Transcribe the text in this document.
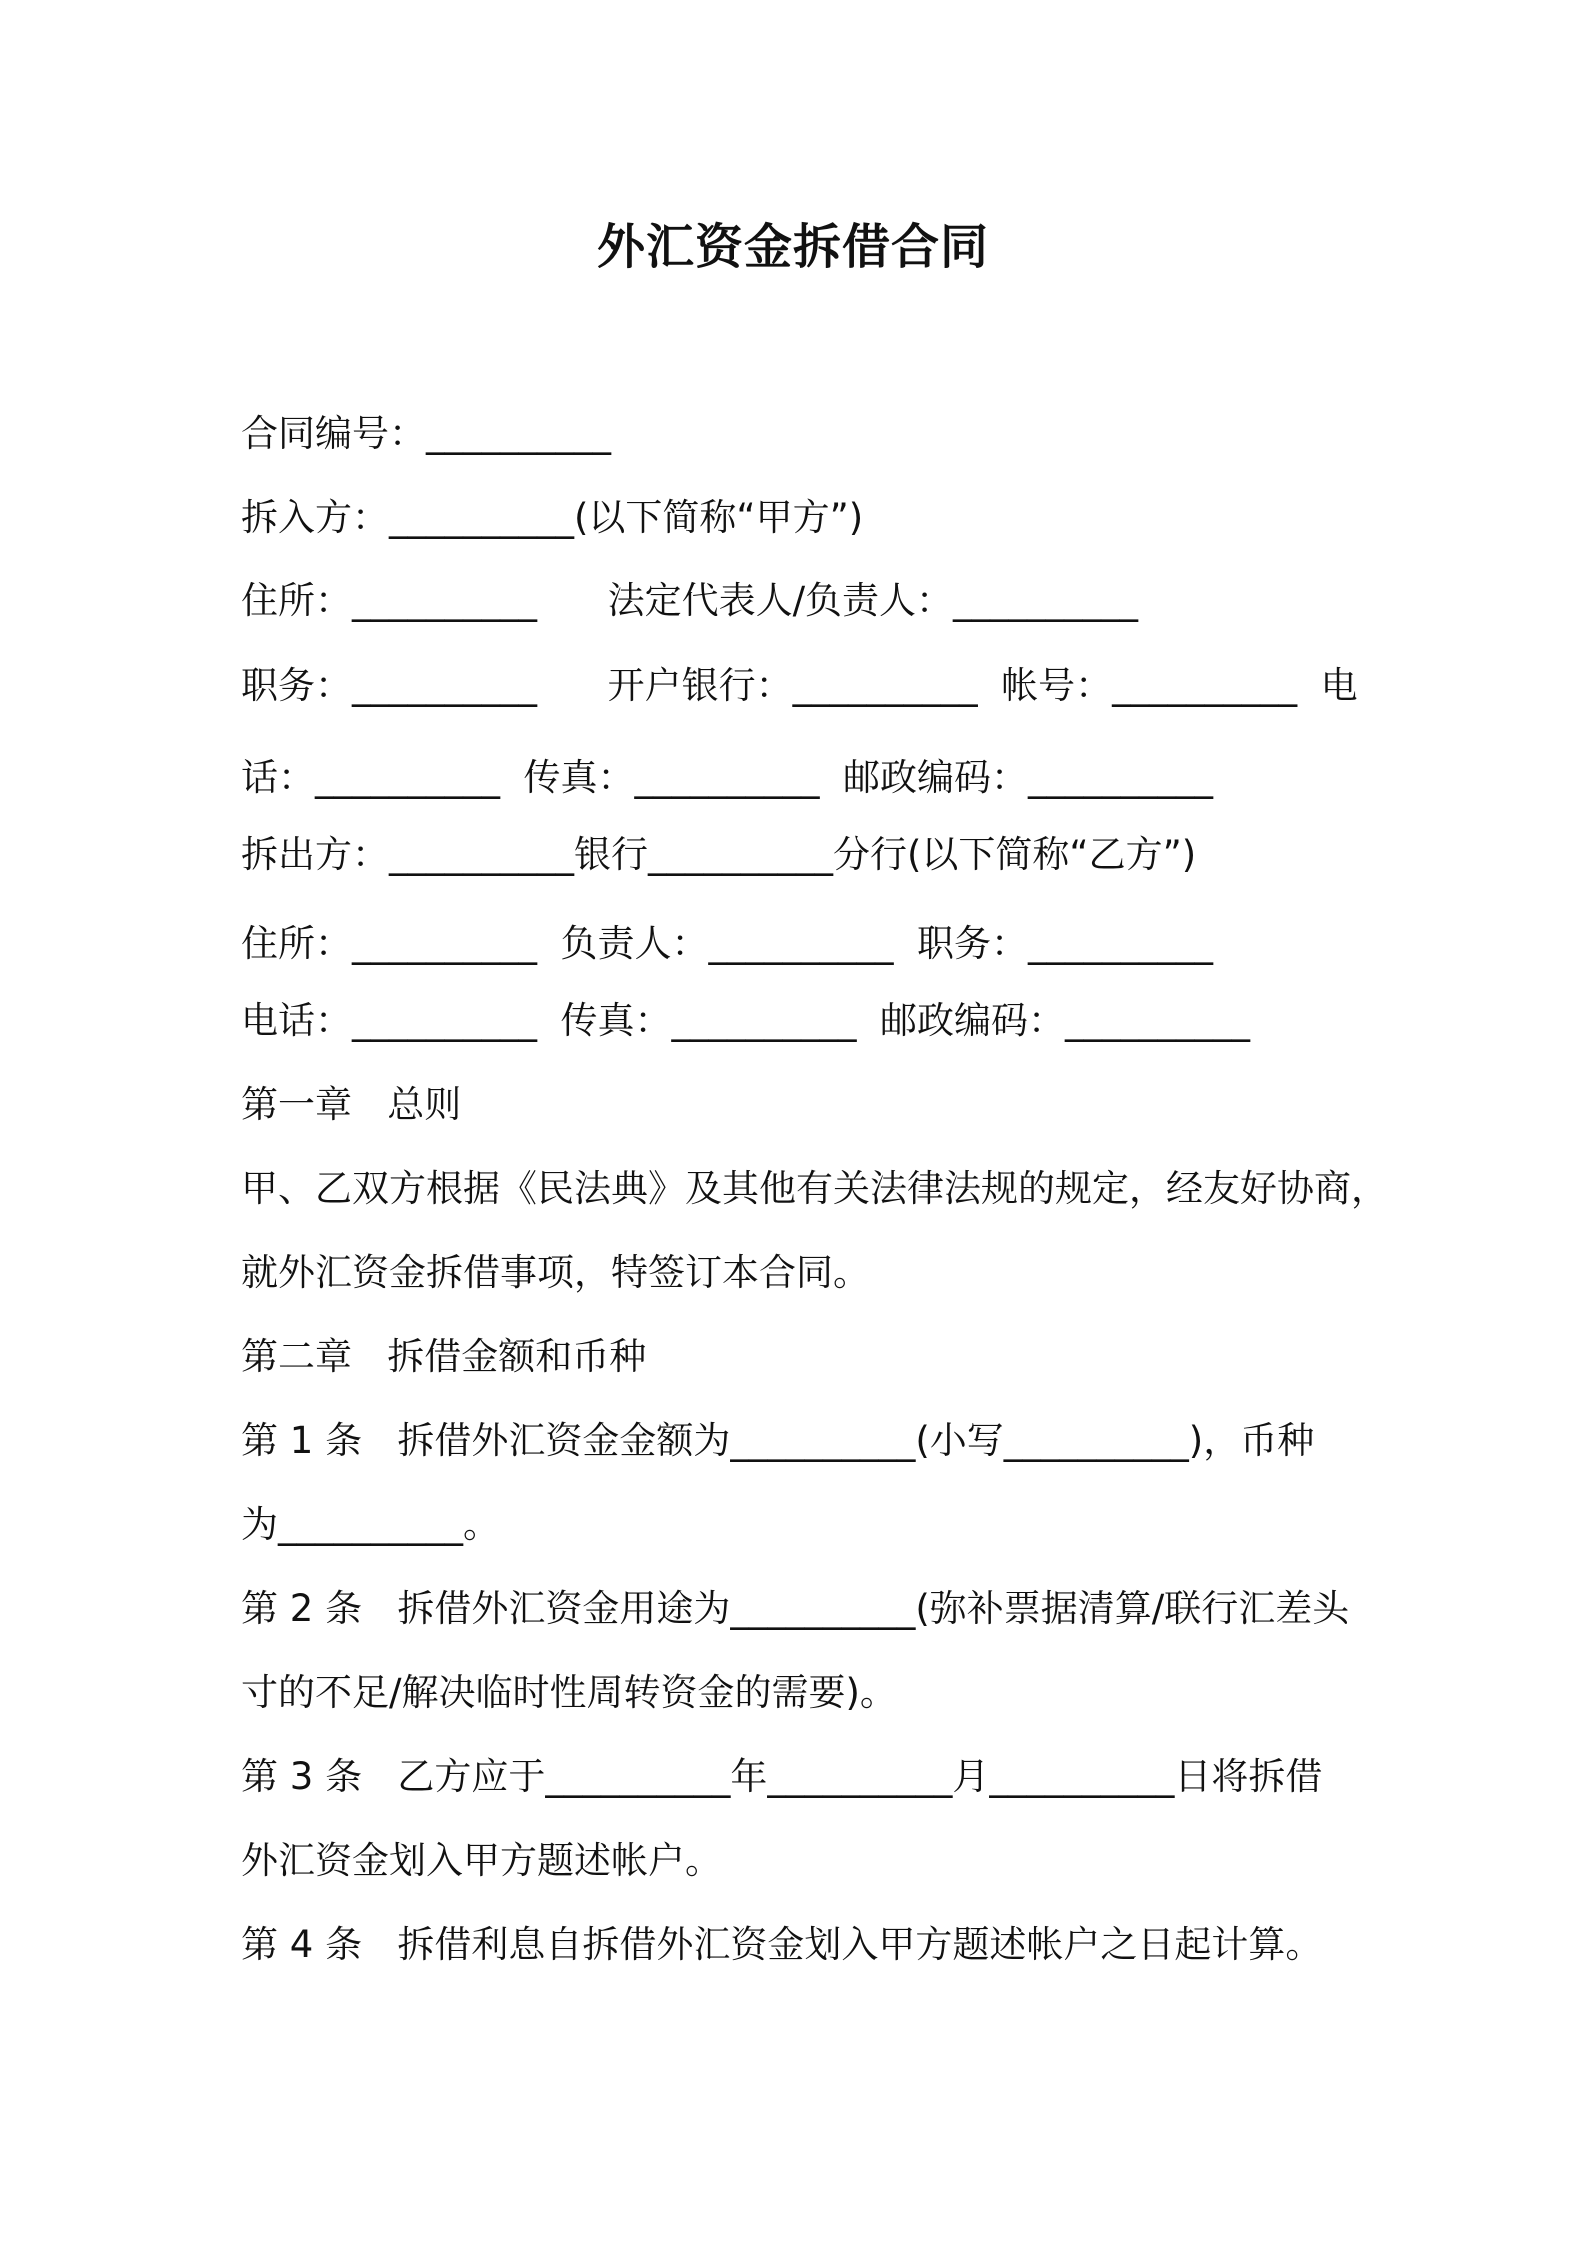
外汇资金拆借合同
合同编号：__________
拆入方：__________(以下简称“甲方”)
住所：__________      法定代表人/负责人：__________
职务：__________      开户银行：__________  帐号：__________  电
话：__________  传真：__________  邮政编码：__________
拆出方：__________银行__________分行(以下简称“乙方”)
住所：__________  负责人：__________  职务：__________
电话：__________  传真：__________  邮政编码：__________
第一章   总则
甲、乙双方根据《民法典》及其他有关法律法规的规定，经友好协商，
就外汇资金拆借事项，特签订本合同。
第二章   拆借金额和币种
第 1 条   拆借外汇资金金额为__________(小写__________)，币种
为__________。
第 2 条   拆借外汇资金用途为__________(弥补票据清算/联行汇差头
寸的不足/解决临时性周转资金的需要)。
第 3 条   乙方应于__________年__________月__________日将拆借
外汇资金划入甲方题述帐户。
第 4 条   拆借利息自拆借外汇资金划入甲方题述帐户之日起计算。
